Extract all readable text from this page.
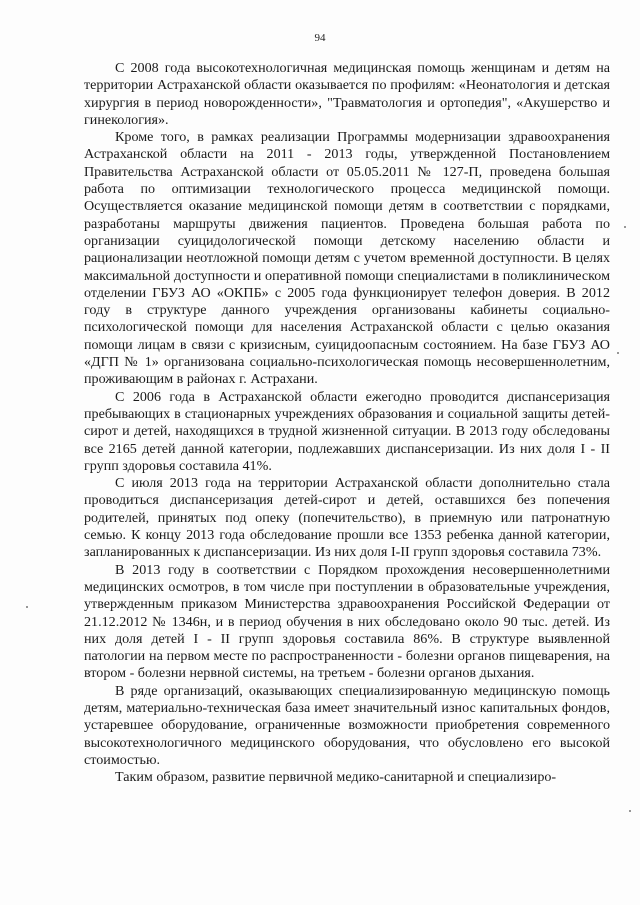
94

С 2008 года высокотехнологичная медицинская помощь женщинам и детям на территории Астраханской области оказывается по профилям: «Неонатология и детская хирургия в период новорожденности», "Травматология и ортопедия", «Акушерство и гинекология».

Кроме того, в рамках реализации Программы модернизации здравоохранения Астраханской области на 2011 - 2013 годы, утвержденной Постановлением Правительства Астраханской области от 05.05.2011 № 127-П, проведена большая работа по оптимизации технологического процесса медицинской помощи. Осуществляется оказание медицинской помощи детям в соответствии с порядками, разработаны маршруты движения пациентов. Проведена большая работа по организации суицидологической помощи детскому населению области и рационализации неотложной помощи детям с учетом временной доступности. В целях максимальной доступности и оперативной помощи специалистами в поликлиническом отделении ГБУЗ АО «ОКПБ» с 2005 года функционирует телефон доверия. В 2012 году в структуре данного учреждения организованы кабинеты социально-психологической помощи для населения Астраханской области с целью оказания помощи лицам в связи с кризисным, суицидоопасным состоянием. На базе ГБУЗ АО «ДГП № 1» организована социально-психологическая помощь несовершеннолетним, проживающим в районах г. Астрахани.

С 2006 года в Астраханской области ежегодно проводится диспансеризация пребывающих в стационарных учреждениях образования и социальной защиты детей-сирот и детей, находящихся в трудной жизненной ситуации. В 2013 году обследованы все 2165 детей данной категории, подлежавших диспансеризации. Из них доля I - II групп здоровья составила 41%.

С июля 2013 года на территории Астраханской области дополнительно стала проводиться диспансеризация детей-сирот и детей, оставшихся без попечения родителей, принятых под опеку (попечительство), в приемную или патронатную семью. К концу 2013 года обследование прошли все 1353 ребенка данной категории, запланированных к диспансеризации. Из них доля I-II групп здоровья составила 73%.

В 2013 году в соответствии с Порядком прохождения несовершеннолетними медицинских осмотров, в том числе при поступлении в образовательные учреждения, утвержденным приказом Министерства здравоохранения Российской Федерации от 21.12.2012 № 1346н, и в период обучения в них обследовано около 90 тыс. детей. Из них доля детей I - II групп здоровья составила 86%. В структуре выявленной патологии на первом месте по распространенности - болезни органов пищеварения, на втором - болезни нервной системы, на третьем - болезни органов дыхания.

В ряде организаций, оказывающих специализированную медицинскую помощь детям, материально-техническая база имеет значительный износ капитальных фондов, устаревшее оборудование, ограниченные возможности приобретения современного высокотехнологичного медицинского оборудования, что обусловлено его высокой стоимостью.

Таким образом, развитие первичной медико-санитарной и специализиро-
